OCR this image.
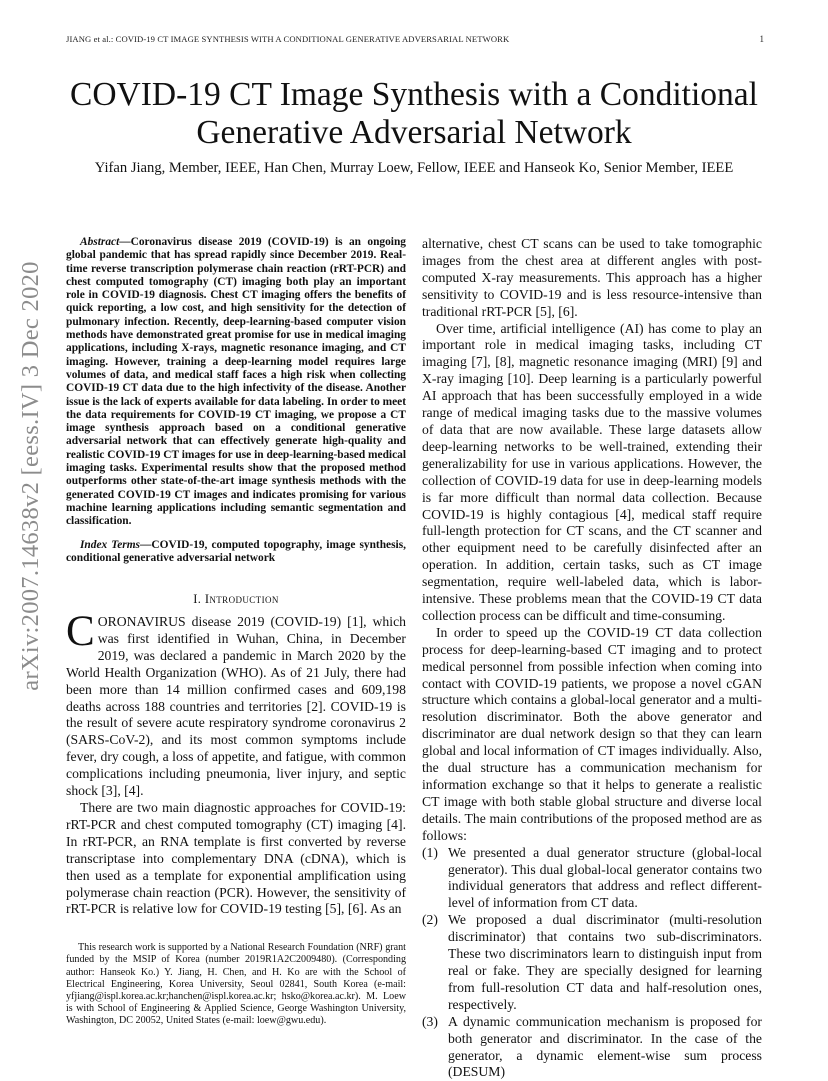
JIANG et al.: COVID-19 CT IMAGE SYNTHESIS WITH A CONDITIONAL GENERATIVE ADVERSARIAL NETWORK	1
arXiv:2007.14638v2 [eess.IV] 3 Dec 2020
COVID-19 CT Image Synthesis with a Conditional
Generative Adversarial Network
Yifan Jiang, Member, IEEE, Han Chen, Murray Loew, Fellow, IEEE and Hanseok Ko, Senior Member, IEEE

Abstract—Coronavirus disease 2019 (COVID-19) is an ongoing global pandemic that has spread rapidly since December 2019. Real-time reverse transcription polymerase chain reaction (rRT-PCR) and chest computed tomography (CT) imaging both play an important role in COVID-19 diagnosis. Chest CT imaging offers the benefits of quick reporting, a low cost, and high sensitivity for the detection of pulmonary infection. Recently, deep-learning-based computer vision methods have demonstrated great promise for use in medical imaging applications, including X-rays, magnetic resonance imaging, and CT imaging. However, training a deep-learning model requires large volumes of data, and medical staff faces a high risk when collecting COVID-19 CT data due to the high infectivity of the disease. Another issue is the lack of experts available for data labeling. In order to meet the data requirements for COVID-19 CT imaging, we propose a CT image synthesis approach based on a conditional generative adversarial network that can effectively generate high-quality and realistic COVID-19 CT images for use in deep-learning-based medical imaging tasks. Experimental results show that the proposed method outperforms other state-of-the-art image synthesis methods with the generated COVID-19 CT images and indicates promising for various machine learning applications including semantic segmentation and classification.

Index Terms—COVID-19, computed topography, image synthesis, conditional generative adversarial network

I. Introduction

CORONAVIRUS disease 2019 (COVID-19) [1], which was first identified in Wuhan, China, in December 2019, was declared a pandemic in March 2020 by the World Health Organization (WHO). As of 21 July, there had been more than 14 million confirmed cases and 609,198 deaths across 188 countries and territories [2]. COVID-19 is the result of severe acute respiratory syndrome coronavirus 2 (SARS-CoV-2), and its most common symptoms include fever, dry cough, a loss of appetite, and fatigue, with common complications including pneumonia, liver injury, and septic shock [3], [4].

There are two main diagnostic approaches for COVID-19: rRT-PCR and chest computed tomography (CT) imaging [4]. In rRT-PCR, an RNA template is first converted by reverse transcriptase into complementary DNA (cDNA), which is then used as a template for exponential amplification using polymerase chain reaction (PCR). However, the sensitivity of rRT-PCR is relative low for COVID-19 testing [5], [6]. As an

This research work is supported by a National Research Foundation (NRF) grant funded by the MSIP of Korea (number 2019R1A2C2009480). (Corresponding author: Hanseok Ko.) Y. Jiang, H. Chen, and H. Ko are with the School of Electrical Engineering, Korea University, Seoul 02841, South Korea (e-mail: yfjiang@ispl.korea.ac.kr;hanchen@ispl.korea.ac.kr; hsko@korea.ac.kr). M. Loew is with School of Engineering & Applied Science, George Washington University, Washington, DC 20052, United States (e-mail: loew@gwu.edu).

alternative, chest CT scans can be used to take tomographic images from the chest area at different angles with post-computed X-ray measurements. This approach has a higher sensitivity to COVID-19 and is less resource-intensive than traditional rRT-PCR [5], [6].

Over time, artificial intelligence (AI) has come to play an important role in medical imaging tasks, including CT imaging [7], [8], magnetic resonance imaging (MRI) [9] and X-ray imaging [10]. Deep learning is a particularly powerful AI approach that has been successfully employed in a wide range of medical imaging tasks due to the massive volumes of data that are now available. These large datasets allow deep-learning networks to be well-trained, extending their generalizability for use in various applications. However, the collection of COVID-19 data for use in deep-learning models is far more difficult than normal data collection. Because COVID-19 is highly contagious [4], medical staff require full-length protection for CT scans, and the CT scanner and other equipment need to be carefully disinfected after an operation. In addition, certain tasks, such as CT image segmentation, require well-labeled data, which is labor-intensive. These problems mean that the COVID-19 CT data collection process can be difficult and time-consuming.

In order to speed up the COVID-19 CT data collection process for deep-learning-based CT imaging and to protect medical personnel from possible infection when coming into contact with COVID-19 patients, we propose a novel cGAN structure which contains a global-local generator and a multi-resolution discriminator. Both the above generator and discriminator are dual network design so that they can learn global and local information of CT images individually. Also, the dual structure has a communication mechanism for information exchange so that it helps to generate a realistic CT image with both stable global structure and diverse local details. The main contributions of the proposed method are as follows:

(1) We presented a dual generator structure (global-local generator). This dual global-local generator contains two individual generators that address and reflect different-level of information from CT data.
(2) We proposed a dual discriminator (multi-resolution discriminator) that contains two sub-discriminators. These two discriminators learn to distinguish input from real or fake. They are specially designed for learning from full-resolution CT data and half-resolution ones, respectively.
(3) A dynamic communication mechanism is proposed for both generator and discriminator. In the case of the generator, a dynamic element-wise sum process (DESUM)
